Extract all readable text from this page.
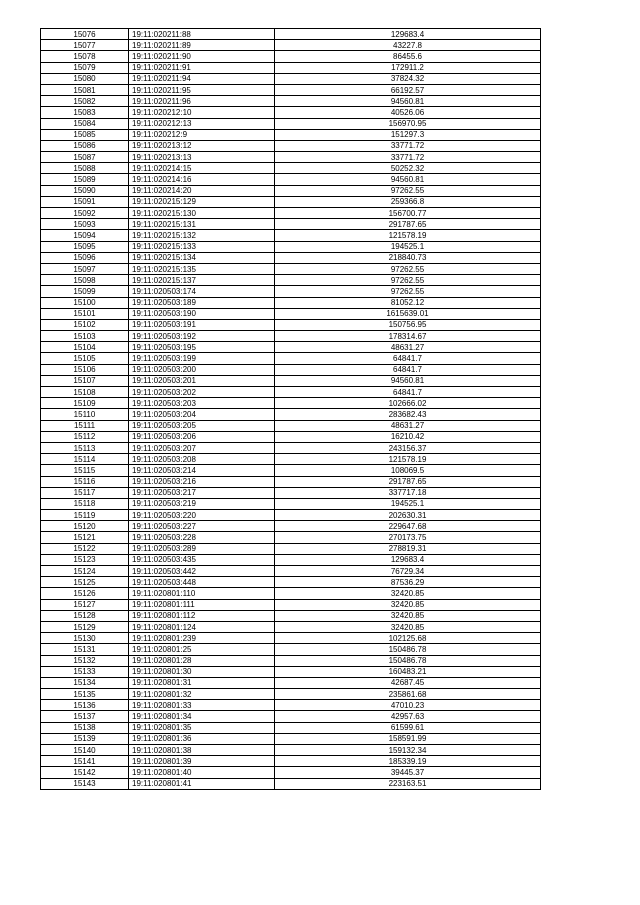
15076	19:11:020211:88	129683.4
15077	19:11:020211:89	43227.8
15078	19:11:020211:90	86455.6
15079	19:11:020211:91	172911.2
15080	19:11:020211:94	37824.32
15081	19:11:020211:95	66192.57
15082	19:11:020211:96	94560.81
15083	19:11:020212:10	40526.06
15084	19:11:020212:13	156970.95
15085	19:11:020212:9	151297.3
15086	19:11:020213:12	33771.72
15087	19:11:020213:13	33771.72
15088	19:11:020214:15	50252.32
15089	19:11:020214:16	94560.81
15090	19:11:020214:20	97262.55
15091	19:11:020215:129	259366.8
15092	19:11:020215:130	156700.77
15093	19:11:020215:131	291787.65
15094	19:11:020215:132	121578.19
15095	19:11:020215:133	194525.1
15096	19:11:020215:134	218840.73
15097	19:11:020215:135	97262.55
15098	19:11:020215:137	97262.55
15099	19:11:020503:174	97262.55
15100	19:11:020503:189	81052.12
15101	19:11:020503:190	1615639.01
15102	19:11:020503:191	150756.95
15103	19:11:020503:192	178314.67
15104	19:11:020503:195	48631.27
15105	19:11:020503:199	64841.7
15106	19:11:020503:200	64841.7
15107	19:11:020503:201	94560.81
15108	19:11:020503:202	64841.7
15109	19:11:020503:203	102666.02
15110	19:11:020503:204	283682.43
15111	19:11:020503:205	48631.27
15112	19:11:020503:206	16210.42
15113	19:11:020503:207	243156.37
15114	19:11:020503:208	121578.19
15115	19:11:020503:214	108069.5
15116	19:11:020503:216	291787.65
15117	19:11:020503:217	337717.18
15118	19:11:020503:219	194525.1
15119	19:11:020503:220	202630.31
15120	19:11:020503:227	229647.68
15121	19:11:020503:228	270173.75
15122	19:11:020503:289	278819.31
15123	19:11:020503:435	129683.4
15124	19:11:020503:442	76729.34
15125	19:11:020503:448	87536.29
15126	19:11:020801:110	32420.85
15127	19:11:020801:111	32420.85
15128	19:11:020801:112	32420.85
15129	19:11:020801:124	32420.85
15130	19:11:020801:239	102125.68
15131	19:11:020801:25	150486.78
15132	19:11:020801:28	150486.78
15133	19:11:020801:30	160483.21
15134	19:11:020801:31	42687.45
15135	19:11:020801:32	235861.68
15136	19:11:020801:33	47010.23
15137	19:11:020801:34	42957.63
15138	19:11:020801:35	61599.61
15139	19:11:020801:36	158591.99
15140	19:11:020801:38	159132.34
15141	19:11:020801:39	185339.19
15142	19:11:020801:40	39445.37
15143	19:11:020801:41	223163.51
